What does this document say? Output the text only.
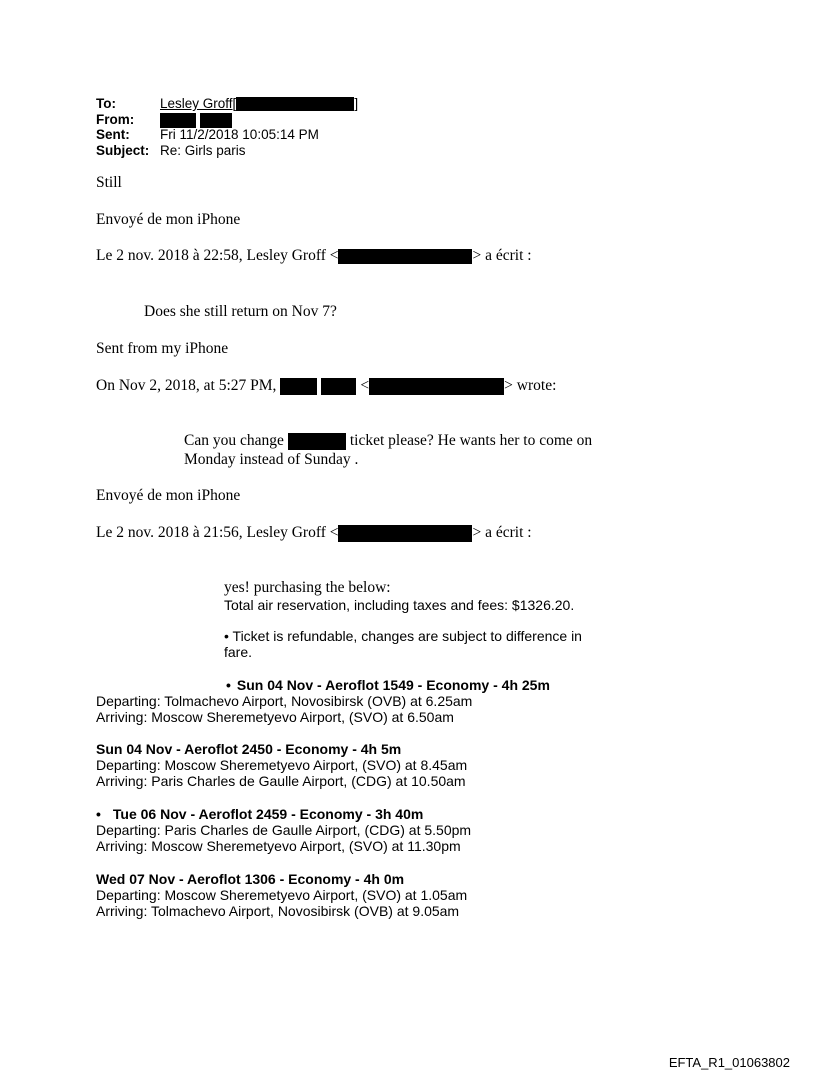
To:	Lesley Groff[	]
From:
Sent: Fri 11/2/2018 10:05:14 PM
Subject: Re: Girls paris
Still
Envoyé de mon iPhone
Le 2 nov. 2018 à 22:58, Lesley Groff <	> a écrit :
Does she still return on Nov 7?
Sent from my iPhone
On Nov 2, 2018, at 5:27 PM,	<	> wrote:
Can you change	ticket please? He wants her to come on
Monday instead of Sunday .
Envoyé de mon iPhone
Le 2 nov. 2018 à 21:56, Lesley Groff <	> a écrit :
yes! purchasing the below:
Total air reservation, including taxes and fees: $1326.20.
• Ticket is refundable, changes are subject to difference in
fare.
• Sun 04 Nov - Aeroflot 1549 - Economy - 4h 25m
Departing: Tolmachevo Airport, Novosibirsk (OVB) at 6.25am
Arriving: Moscow Sheremetyevo Airport, (SVO) at 6.50am
Sun 04 Nov - Aeroflot 2450 - Economy - 4h 5m
Departing: Moscow Sheremetyevo Airport, (SVO) at 8.45am
Arriving: Paris Charles de Gaulle Airport, (CDG) at 10.50am
• Tue 06 Nov - Aeroflot 2459 - Economy - 3h 40m
Departing: Paris Charles de Gaulle Airport, (CDG) at 5.50pm
Arriving: Moscow Sheremetyevo Airport, (SVO) at 11.30pm
Wed 07 Nov - Aeroflot 1306 - Economy - 4h 0m
Departing: Moscow Sheremetyevo Airport, (SVO) at 1.05am
Arriving: Tolmachevo Airport, Novosibirsk (OVB) at 9.05am
EFTA_R1_01063802
